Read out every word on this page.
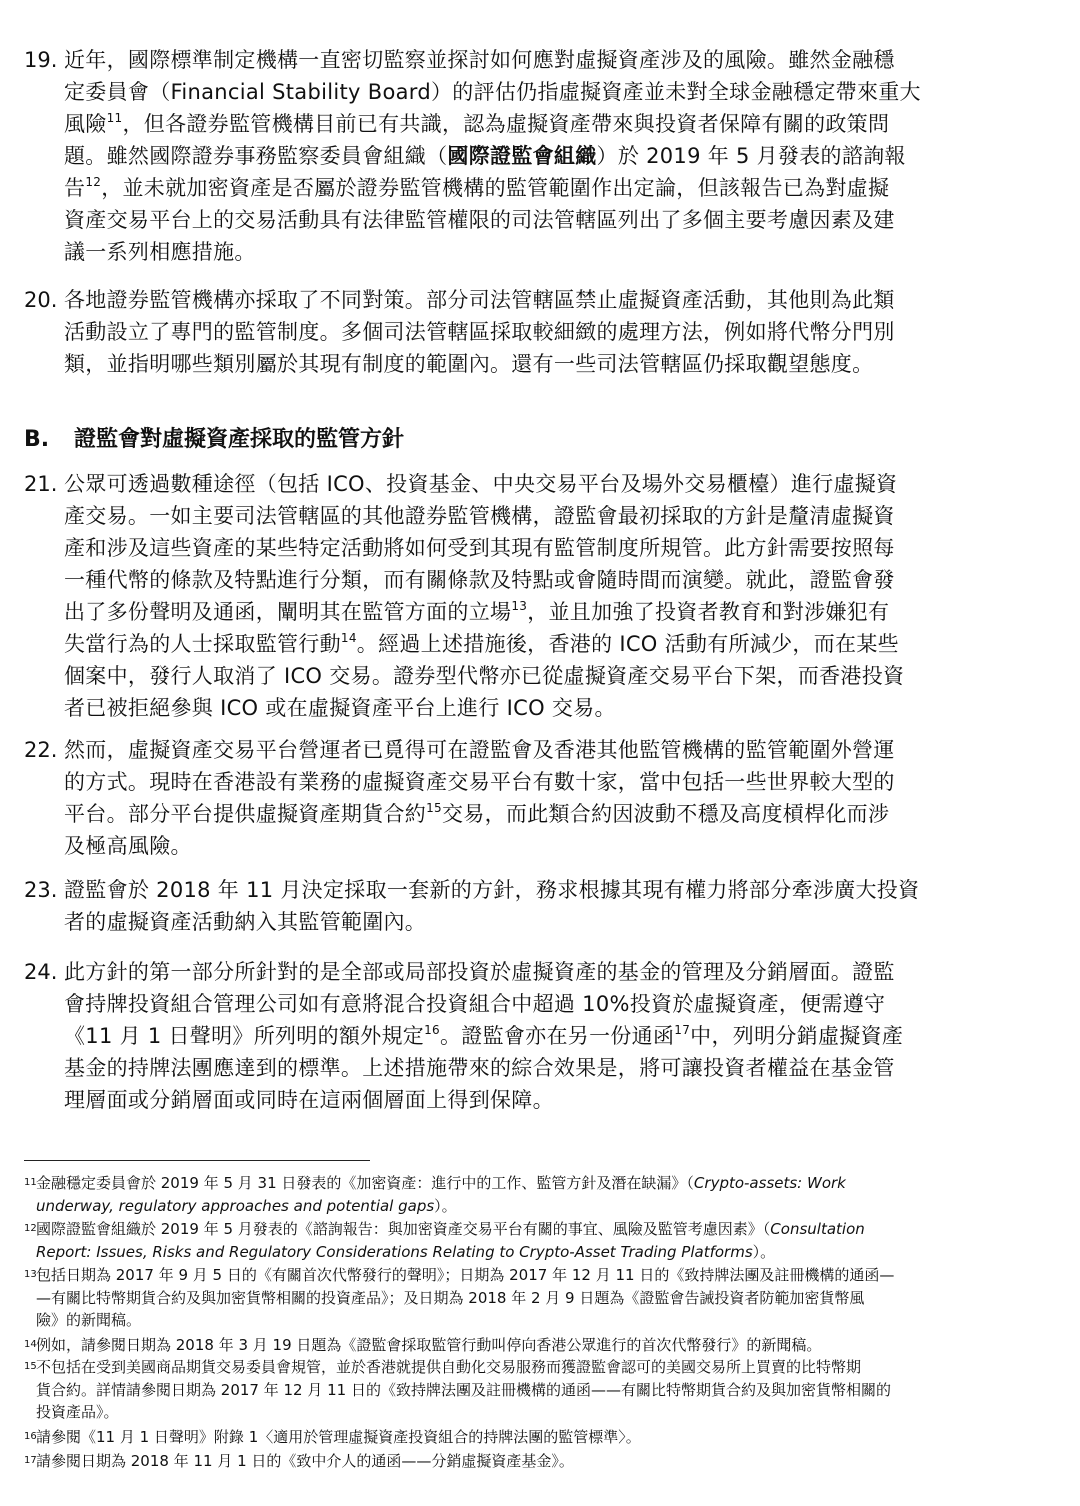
19. 近年，國際標準制定機構一直密切監察並探討如何應對虛擬資產涉及的風險。雖然金融穩
定委員會（Financial Stability Board）的評估仍指虛擬資產並未對全球金融穩定帶來重大
風險$^{11}$，但各證券監管機構目前已有共識，認為虛擬資產帶來與投資者保障有關的政策問
題。雖然國際證券事務監察委員會組織（國際證監會組織）於 2019 年 5 月發表的諮詢報
告$^{12}$，並未就加密資產是否屬於證券監管機構的監管範圍作出定論，但該報告已為對虛擬
資產交易平台上的交易活動具有法律監管權限的司法管轄區列出了多個主要考慮因素及建
議一系列相應措施。
20. 各地證券監管機構亦採取了不同對策。部分司法管轄區禁止虛擬資產活動，其他則為此類
活動設立了專門的監管制度。多個司法管轄區採取較細緻的處理方法，例如將代幣分門別
類，並指明哪些類別屬於其現有制度的範圍內。還有一些司法管轄區仍採取觀望態度。
B. 證監會對虛擬資產採取的監管方針
21. 公眾可透過數種途徑（包括 ICO、投資基金、中央交易平台及場外交易櫃檯）進行虛擬資
產交易。一如主要司法管轄區的其他證券監管機構，證監會最初採取的方針是釐清虛擬資
產和涉及這些資產的某些特定活動將如何受到其現有監管制度所規管。此方針需要按照每
一種代幣的條款及特點進行分類，而有關條款及特點或會隨時間而演變。就此，證監會發
出了多份聲明及通函，闡明其在監管方面的立場$^{13}$，並且加強了投資者教育和對涉嫌犯有
失當行為的人士採取監管行動$^{14}$。經過上述措施後，香港的 ICO 活動有所減少，而在某些
個案中，發行人取消了 ICO 交易。證券型代幣亦已從虛擬資產交易平台下架，而香港投資
者已被拒絕參與 ICO 或在虛擬資產平台上進行 ICO 交易。
22. 然而，虛擬資產交易平台營運者已覓得可在證監會及香港其他監管機構的監管範圍外營運
的方式。現時在香港設有業務的虛擬資產交易平台有數十家，當中包括一些世界較大型的
平台。部分平台提供虛擬資產期貨合約$^{15}$交易，而此類合約因波動不穩及高度槓桿化而涉
及極高風險。
23. 證監會於 2018 年 11 月決定採取一套新的方針，務求根據其現有權力將部分牽涉廣大投資
者的虛擬資產活動納入其監管範圍內。
24. 此方針的第一部分所針對的是全部或局部投資於虛擬資產的基金的管理及分銷層面。證監
會持牌投資組合管理公司如有意將混合投資組合中超過 10%投資於虛擬資產，便需遵守
《11 月 1 日聲明》所列明的額外規定$^{16}$。證監會亦在另一份通函$^{17}$中，列明分銷虛擬資產
基金的持牌法團應達到的標準。上述措施帶來的綜合效果是，將可讓投資者權益在基金管
理層面或分銷層面或同時在這兩個層面上得到保障。
11 金融穩定委員會於 2019 年 5 月 31 日發表的《加密資產：進行中的工作、監管方針及潛在缺漏》（Crypto-assets: Work
underway, regulatory approaches and potential gaps）。
12 國際證監會組織於 2019 年 5 月發表的《諮詢報告：與加密資產交易平台有關的事宜、風險及監管考慮因素》（Consultation
Report: Issues, Risks and Regulatory Considerations Relating to Crypto-Asset Trading Platforms）。
13 包括日期為 2017 年 9 月 5 日的《有關首次代幣發行的聲明》；日期為 2017 年 12 月 11 日的《致持牌法團及註冊機構的通函—
—有關比特幣期貨合約及與加密貨幣相關的投資產品》；及日期為 2018 年 2 月 9 日題為《證監會告誡投資者防範加密貨幣風
險》的新聞稿。
14 例如，請參閱日期為 2018 年 3 月 19 日題為《證監會採取監管行動叫停向香港公眾進行的首次代幣發行》的新聞稿。
15 不包括在受到美國商品期貨交易委員會規管，並於香港就提供自動化交易服務而獲證監會認可的美國交易所上買賣的比特幣期
貨合約。詳情請參閱日期為 2017 年 12 月 11 日的《致持牌法團及註冊機構的通函——有關比特幣期貨合約及與加密貨幣相關的
投資產品》。
16 請參閱《11 月 1 日聲明》附錄 1〈適用於管理虛擬資產投資組合的持牌法團的監管標準〉。
17 請參閱日期為 2018 年 11 月 1 日的《致中介人的通函——分銷虛擬資產基金》。
